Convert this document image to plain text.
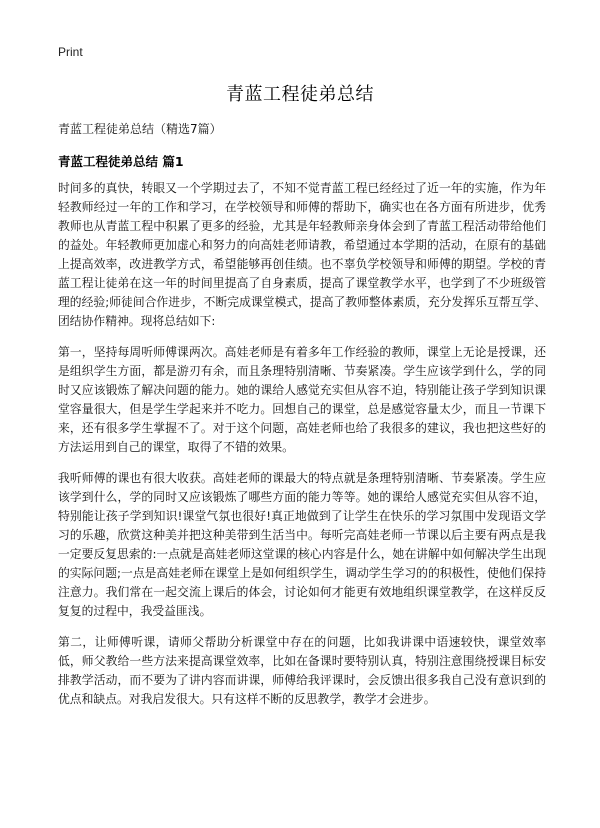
Print
青蓝工程徒弟总结
青蓝工程徒弟总结（精选7篇）
青蓝工程徒弟总结 篇1

时间多的真快，转眼又一个学期过去了，不知不觉青蓝工程已经经过了近一年的实施，作为年轻教师经过一年的工作和学习，在学校领导和师傅的帮助下，确实也在各方面有所进步，优秀教师也从青蓝工程中积累了更多的经验，尤其是年轻教师亲身体会到了青蓝工程活动带给他们的益处。年轻教师更加虚心和努力的向高娃老师请教，希望通过本学期的活动，在原有的基础上提高效率，改进教学方式，希望能够再创佳绩。也不辜负学校领导和师傅的期望。学校的青蓝工程让徒弟在这一年的时间里提高了自身素质，提高了课堂教学水平，也学到了不少班级管理的经验;师徒间合作进步，不断完成课堂模式，提高了教师整体素质，充分发挥乐互帮互学、团结协作精神。现将总结如下:

第一，坚持每周听师傅课两次。高娃老师是有着多年工作经验的教师，课堂上无论是授课，还是组织学生方面，都是游刃有余，而且条理特别清晰、节奏紧凑。学生应该学到什么，学的同时又应该锻炼了解决问题的能力。她的课给人感觉充实但从容不迫，特别能让孩子学到知识课堂容量很大，但是学生学起来并不吃力。回想自己的课堂，总是感觉容量太少，而且一节课下来，还有很多学生掌握不了。对于这个问题，高娃老师也给了我很多的建议，我也把这些好的方法运用到自己的课堂，取得了不错的效果。

我听师傅的课也有很大收获。高娃老师的课最大的特点就是条理特别清晰、节奏紧凑。学生应该学到什么，学的同时又应该锻炼了哪些方面的能力等等。她的课给人感觉充实但从容不迫，特别能让孩子学到知识!课堂气氛也很好!真正地做到了让学生在快乐的学习氛围中发现语文学习的乐趣，欣赏这种美并把这种美带到生活当中。每听完高娃老师一节课以后主要有两点是我一定要反复思索的:一点就是高娃老师这堂课的核心内容是什么，她在讲解中如何解决学生出现的实际问题;一点是高娃老师在课堂上是如何组织学生，调动学生学习的的积极性，使他们保持注意力。我们常在一起交流上课后的体会，讨论如何才能更有效地组织课堂教学，在这样反反复复的过程中，我受益匪浅。

第二，让师傅听课，请师父帮助分析课堂中存在的问题，比如我讲课中语速较快，课堂效率低，师父教给一些方法来提高课堂效率，比如在备课时要特别认真，特别注意围绕授课目标安排教学活动，而不要为了讲内容而讲课，师傅给我评课时，会反馈出很多我自己没有意识到的优点和缺点。对我启发很大。只有这样不断的反思教学，教学才会进步。
